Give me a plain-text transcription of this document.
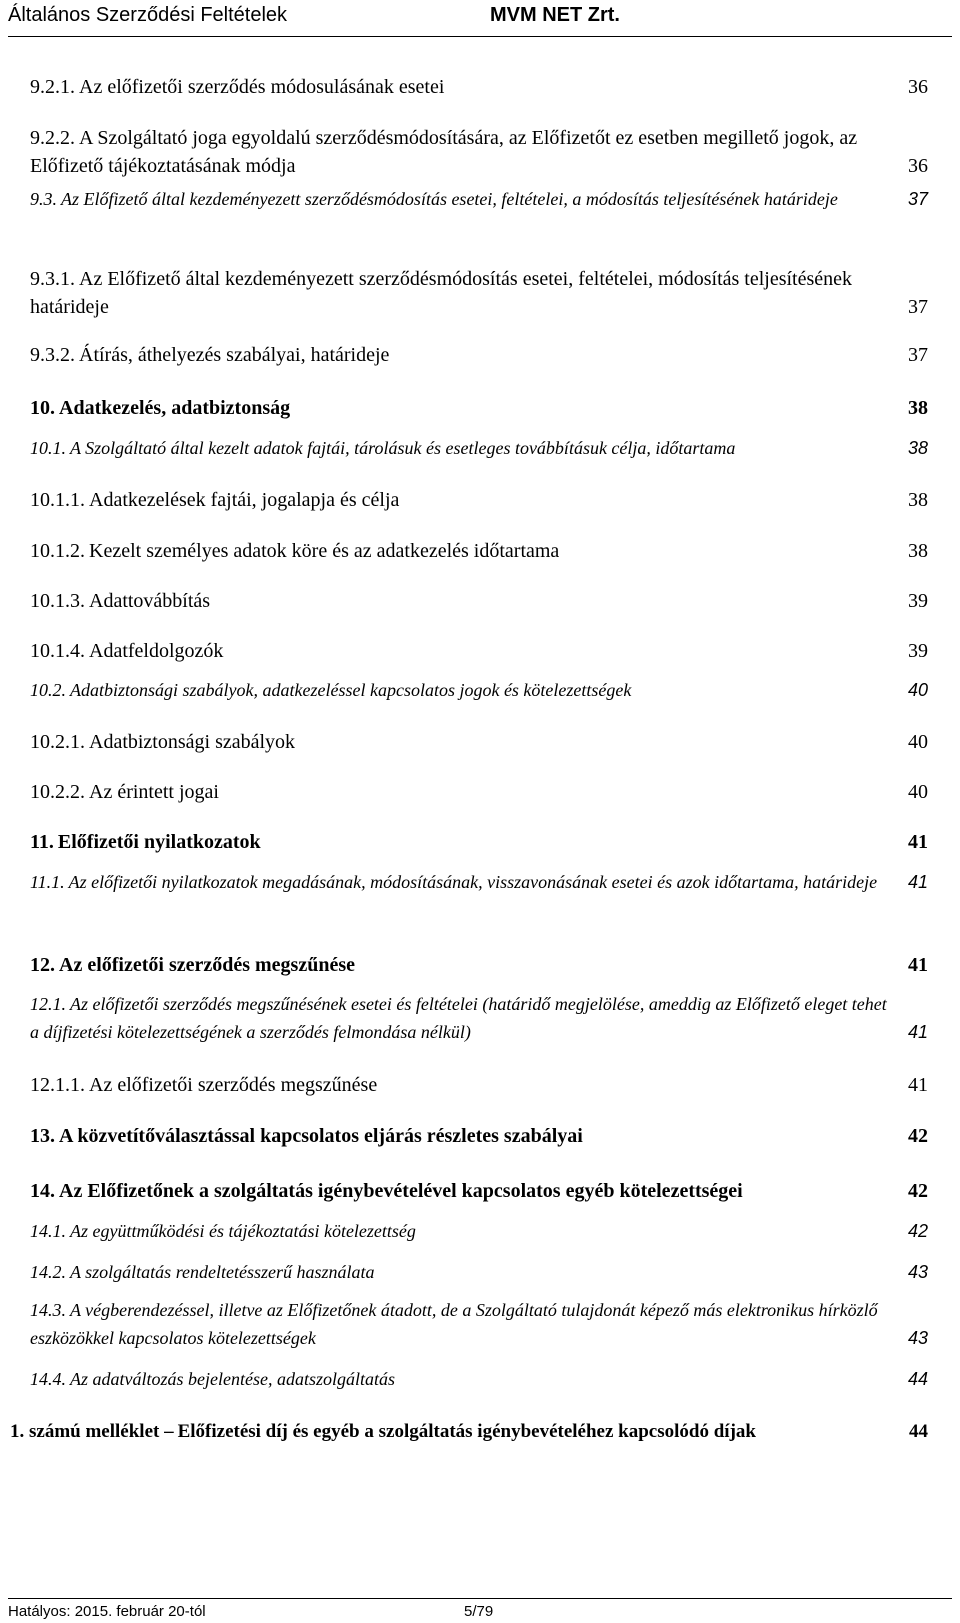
Általános Szerződési Feltételek	MVM NET Zrt.
9.2.1. Az előfizetői szerződés módosulásának esetei	36
9.2.2. A Szolgáltató joga egyoldalú szerződésmódosítására, az Előfizetőt ez esetben megillető jogok, az Előfizető tájékoztatásának módja	36
9.3. Az Előfizető által kezdeményezett szerződésmódosítás esetei, feltételei, a módosítás teljesítésének határideje	37
9.3.1. Az Előfizető által kezdeményezett szerződésmódosítás esetei, feltételei, módosítás teljesítésének határideje	37
9.3.2. Átírás, áthelyezés szabályai, határideje	37
10. Adatkezelés, adatbiztonság	38
10.1. A Szolgáltató által kezelt adatok fajtái, tárolásuk és esetleges továbbításuk célja, időtartama	38
10.1.1. Adatkezelések fajtái, jogalapja és célja	38
10.1.2. Kezelt személyes adatok köre és az adatkezelés időtartama	38
10.1.3. Adattovábbítás	39
10.1.4. Adatfeldolgozók	39
10.2. Adatbiztonsági szabályok, adatkezeléssel kapcsolatos jogok és kötelezettségek	40
10.2.1. Adatbiztonsági szabályok	40
10.2.2. Az érintett jogai	40
11. Előfizetői nyilatkozatok	41
11.1. Az előfizetői nyilatkozatok megadásának, módosításának, visszavonásának esetei és azok időtartama, határideje 41
12. Az előfizetői szerződés megszűnése	41
12.1. Az előfizetői szerződés megszűnésének esetei és feltételei (határidő megjelölése, ameddig az Előfizető eleget tehet a díjfizetési kötelezettségének a szerződés felmondása nélkül)	41
12.1.1. Az előfizetői szerződés megszűnése	41
13. A közvetítőválasztással kapcsolatos eljárás részletes szabályai	42
14. Az Előfizetőnek a szolgáltatás igénybevételével kapcsolatos egyéb kötelezettségei	42
14.1. Az együttműködési és tájékoztatási kötelezettség	42
14.2. A szolgáltatás rendeltetésszerű használata	43
14.3. A végberendezéssel, illetve az Előfizetőnek átadott, de a Szolgáltató tulajdonát képező más elektronikus hírközlő eszközökkel kapcsolatos kötelezettségek	43
14.4. Az adatváltozás bejelentése, adatszolgáltatás	44
1. számú melléklet – Előfizetési díj és egyéb a szolgáltatás igénybevételéhez kapcsolódó díjak	44
Hatályos: 2015. február 20-tól	5/79
